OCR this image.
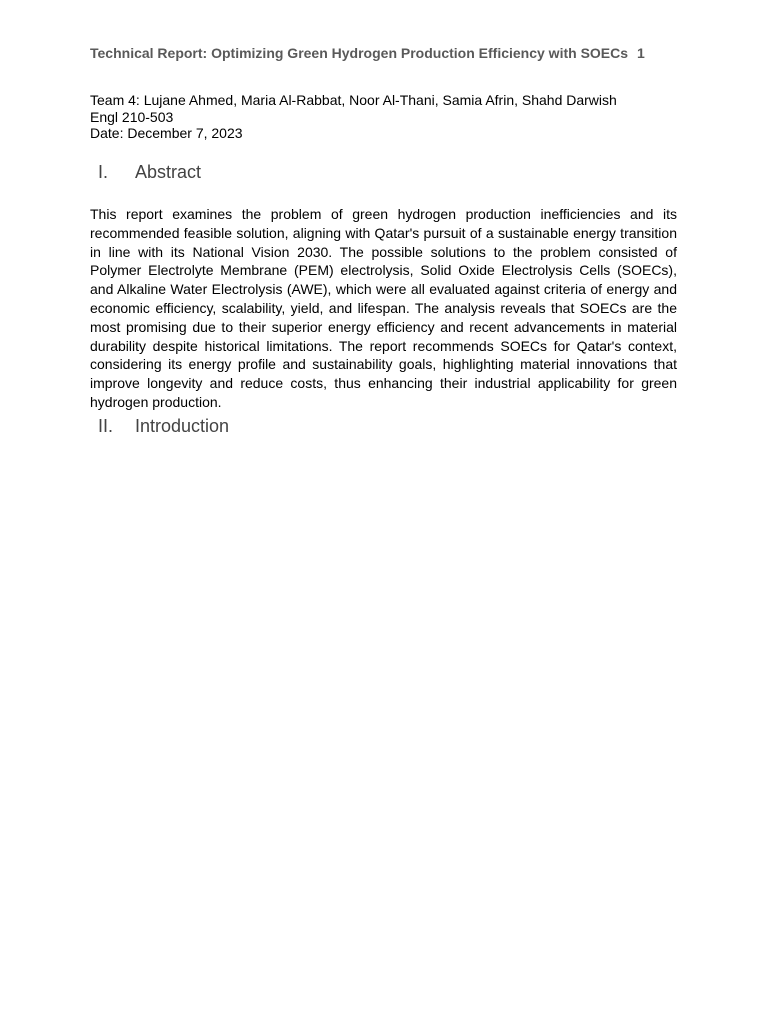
Technical Report: Optimizing Green Hydrogen Production Efficiency with SOECs 1
Team 4: Lujane Ahmed, Maria Al-Rabbat, Noor Al-Thani, Samia Afrin, Shahd Darwish
Engl 210-503
Date: December 7, 2023
I. Abstract
This report examines the problem of green hydrogen production inefficiencies and its recommended feasible solution, aligning with Qatar's pursuit of a sustainable energy transition in line with its National Vision 2030. The possible solutions to the problem consisted of Polymer Electrolyte Membrane (PEM) electrolysis, Solid Oxide Electrolysis Cells (SOECs), and Alkaline Water Electrolysis (AWE), which were all evaluated against criteria of energy and economic efficiency, scalability, yield, and lifespan. The analysis reveals that SOECs are the most promising due to their superior energy efficiency and recent advancements in material durability despite historical limitations. The report recommends SOECs for Qatar's context, considering its energy profile and sustainability goals, highlighting material innovations that improve longevity and reduce costs, thus enhancing their industrial applicability for green hydrogen production.
II. Introduction
